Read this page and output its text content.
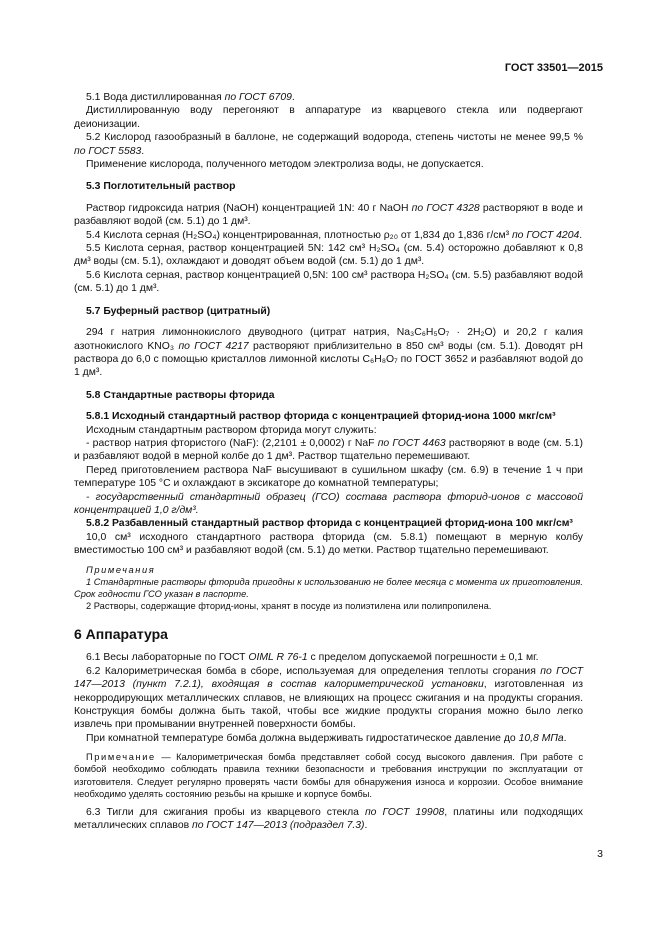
ГОСТ 33501—2015

5.1 Вода дистиллированная по ГОСТ 6709.

Дистиллированную воду перегоняют в аппаратуре из кварцевого стекла или подвергают деионизации.

5.2 Кислород газообразный в баллоне, не содержащий водорода, степень чистоты не менее 99,5 % по ГОСТ 5583.

Применение кислорода, полученного методом электролиза воды, не допускается.

5.3 Поглотительный раствор

Раствор гидроксида натрия (NaOH) концентрацией 1N: 40 г NaOH по ГОСТ 4328 растворяют в воде и разбавляют водой (см. 5.1) до 1 дм³.

5.4 Кислота серная (H₂SO₄) концентрированная, плотностью ρ₂₀ от 1,834 до 1,836 г/см³ по ГОСТ 4204.

5.5 Кислота серная, раствор концентрацией 5N: 142 см³ H₂SO₄ (см. 5.4) осторожно добавляют к 0,8 дм³ воды (см. 5.1), охлаждают и доводят объем водой (см. 5.1) до 1 дм³.

5.6 Кислота серная, раствор концентрацией 0,5N: 100 см³ раствора H₂SO₄ (см. 5.5) разбавляют водой (см. 5.1) до 1 дм³.

5.7 Буферный раствор (цитратный)

294 г натрия лимоннокислого двуводного (цитрат натрия, Na₃C₆H₅O₇ · 2H₂O) и 20,2 г калия азотнокислого KNO₃ по ГОСТ 4217 растворяют приблизительно в 850 см³ воды (см. 5.1). Доводят pH раствора до 6,0 с помощью кристаллов лимонной кислоты C₆H₈O₇ по ГОСТ 3652 и разбавляют водой до 1 дм³.

5.8 Стандартные растворы фторида

5.8.1 Исходный стандартный раствор фторида с концентрацией фторид-иона 1000 мкг/см³

Исходным стандартным раствором фторида могут служить:

- раствор натрия фтористого (NaF): (2,2101 ± 0,0002) г NaF по ГОСТ 4463 растворяют в воде (см. 5.1) и разбавляют водой в мерной колбе до 1 дм³. Раствор тщательно перемешивают.

Перед приготовлением раствора NaF высушивают в сушильном шкафу (см. 6.9) в течение 1 ч при температуре 105 °С и охлаждают в эксикаторе до комнатной температуры;

- государственный стандартный образец (ГСО) состава раствора фторид-ионов с массовой концентрацией 1,0 г/дм³.

5.8.2 Разбавленный стандартный раствор фторида с концентрацией фторид-иона 100 мкг/см³

10,0 см³ исходного стандартного раствора фторида (см. 5.8.1) помещают в мерную колбу вместимостью 100 см³ и разбавляют водой (см. 5.1) до метки. Раствор тщательно перемешивают.

Примечания

1 Стандартные растворы фторида пригодны к использованию не более месяца с момента их приготовления. Срок годности ГСО указан в паспорте.

2 Растворы, содержащие фторид-ионы, хранят в посуде из полиэтилена или полипропилена.

6 Аппаратура

6.1 Весы лабораторные по ГОСТ OIML R 76-1 с пределом допускаемой погрешности ± 0,1 мг.

6.2 Калориметрическая бомба в сборе, используемая для определения теплоты сгорания по ГОСТ 147—2013 (пункт 7.2.1), входящая в состав калориметрической установки, изготовленная из некорродирующих металлических сплавов, не влияющих на процесс сжигания и на продукты сгорания. Конструкция бомбы должна быть такой, чтобы все жидкие продукты сгорания можно было легко извлечь при промывании внутренней поверхности бомбы.

При комнатной температуре бомба должна выдерживать гидростатическое давление до 10,8 МПа.

Примечание — Калориметрическая бомба представляет собой сосуд высокого давления. При работе с бомбой необходимо соблюдать правила техники безопасности и требования инструкции по эксплуатации от изготовителя. Следует регулярно проверять части бомбы для обнаружения износа и коррозии. Особое внимание необходимо уделять состоянию резьбы на крышке и корпусе бомбы.

6.3 Тигли для сжигания пробы из кварцевого стекла по ГОСТ 19908, платины или подходящих металлических сплавов по ГОСТ 147—2013 (подраздел 7.3).

3
